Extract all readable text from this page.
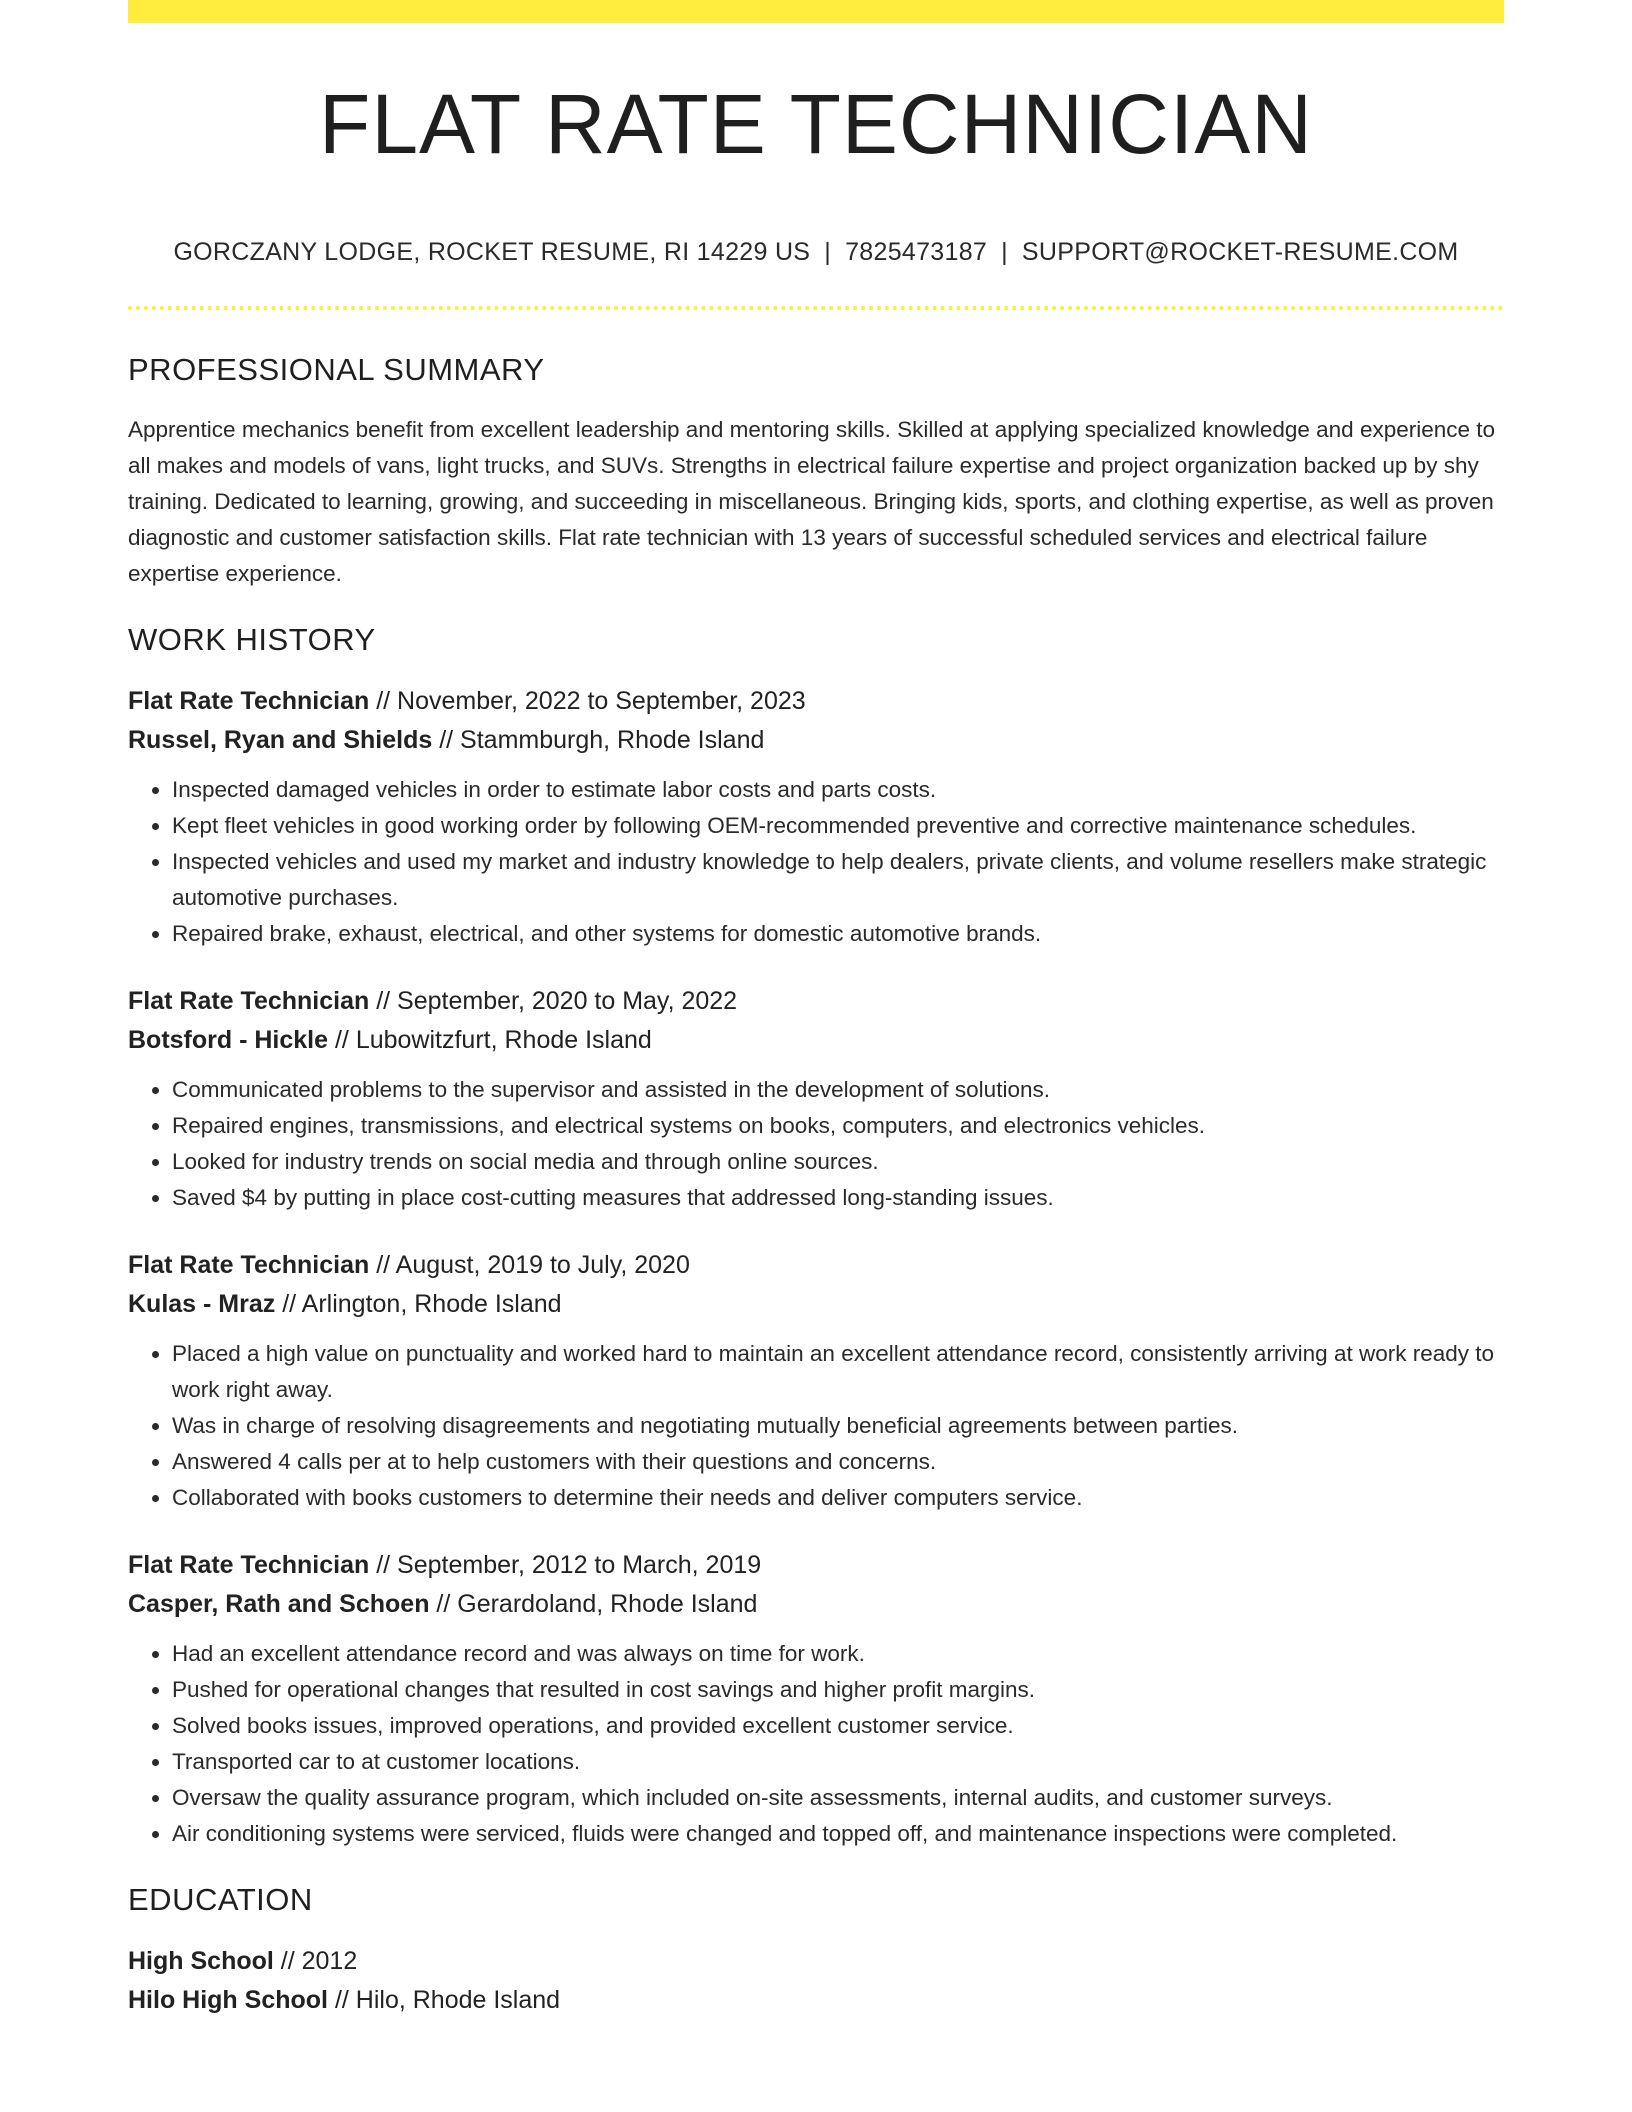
FLAT RATE TECHNICIAN
GORCZANY LODGE, ROCKET RESUME, RI 14229 US | 7825473187 | SUPPORT@ROCKET-RESUME.COM
PROFESSIONAL SUMMARY

Apprentice mechanics benefit from excellent leadership and mentoring skills. Skilled at applying specialized knowledge and experience to all makes and models of vans, light trucks, and SUVs. Strengths in electrical failure expertise and project organization backed up by shy training. Dedicated to learning, growing, and succeeding in miscellaneous. Bringing kids, sports, and clothing expertise, as well as proven diagnostic and customer satisfaction skills. Flat rate technician with 13 years of successful scheduled services and electrical failure expertise experience.

WORK HISTORY
Flat Rate Technician // November, 2022 to September, 2023
Russel, Ryan and Shields // Stammburgh, Rhode Island
• Inspected damaged vehicles in order to estimate labor costs and parts costs.
• Kept fleet vehicles in good working order by following OEM-recommended preventive and corrective maintenance schedules.
• Inspected vehicles and used my market and industry knowledge to help dealers, private clients, and volume resellers make strategic automotive purchases.
• Repaired brake, exhaust, electrical, and other systems for domestic automotive brands.
Flat Rate Technician // September, 2020 to May, 2022
Botsford - Hickle // Lubowitzfurt, Rhode Island
• Communicated problems to the supervisor and assisted in the development of solutions.
• Repaired engines, transmissions, and electrical systems on books, computers, and electronics vehicles.
• Looked for industry trends on social media and through online sources.
• Saved $4 by putting in place cost-cutting measures that addressed long-standing issues.
Flat Rate Technician // August, 2019 to July, 2020
Kulas - Mraz // Arlington, Rhode Island
• Placed a high value on punctuality and worked hard to maintain an excellent attendance record, consistently arriving at work ready to work right away.
• Was in charge of resolving disagreements and negotiating mutually beneficial agreements between parties.
• Answered 4 calls per at to help customers with their questions and concerns.
• Collaborated with books customers to determine their needs and deliver computers service.
Flat Rate Technician // September, 2012 to March, 2019
Casper, Rath and Schoen // Gerardoland, Rhode Island
• Had an excellent attendance record and was always on time for work.
• Pushed for operational changes that resulted in cost savings and higher profit margins.
• Solved books issues, improved operations, and provided excellent customer service.
• Transported car to at customer locations.
• Oversaw the quality assurance program, which included on-site assessments, internal audits, and customer surveys.
• Air conditioning systems were serviced, fluids were changed and topped off, and maintenance inspections were completed.
EDUCATION
High School // 2012
Hilo High School // Hilo, Rhode Island
